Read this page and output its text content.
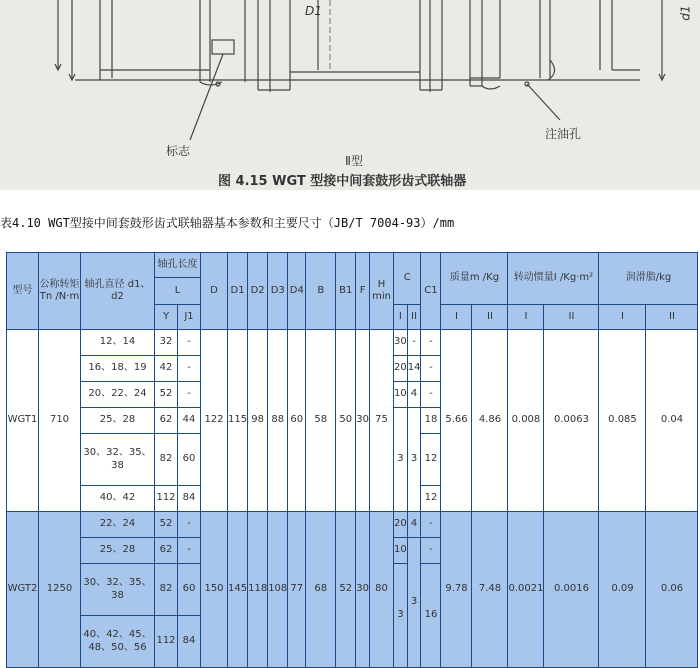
D1	d1
标志
注油孔
Ⅱ型
图 4.15 WGT 型接中间套鼓形齿式联轴器
表4.10 WGT型接中间套鼓形齿式联轴器基本参数和主要尺寸（JB/T 7004-93）/mm
型号	公称转矩Tn /N·m	轴孔直径 d1、d2	轴孔长度		D	D1	D2	D3	D4	B	B1	F	H min	C		C1	质量m /Kg		转动惯量I /Kg·m²		润滑脂/kg	
			L																			
			Y	J1										I	II		I	II	I	II	I	II
WGT1	710	12、14	32	-	122	115	98	88	60	58	50	30	75	30	-	-	5.66	4.86	0.008	0.0063	0.085	0.04
		16、18、19	42	-										20	14	-						
		20、22、24	52	-										10	4	-						
		25、28	62	44										3	3	18						
		30、32、35、38	82	60												12						
		40、42	112	84												12						
WGT2	1250	22、24	52	-	150	145	118	108	77	68	52	30	80	20	4	-	9.78	7.48	0.0021	0.0016	0.09	0.06
		25、28	62	-										10	3	-						
		30、32、35、38	82	60										3		16						
		40、42、45、48、50、56	112	84																		
